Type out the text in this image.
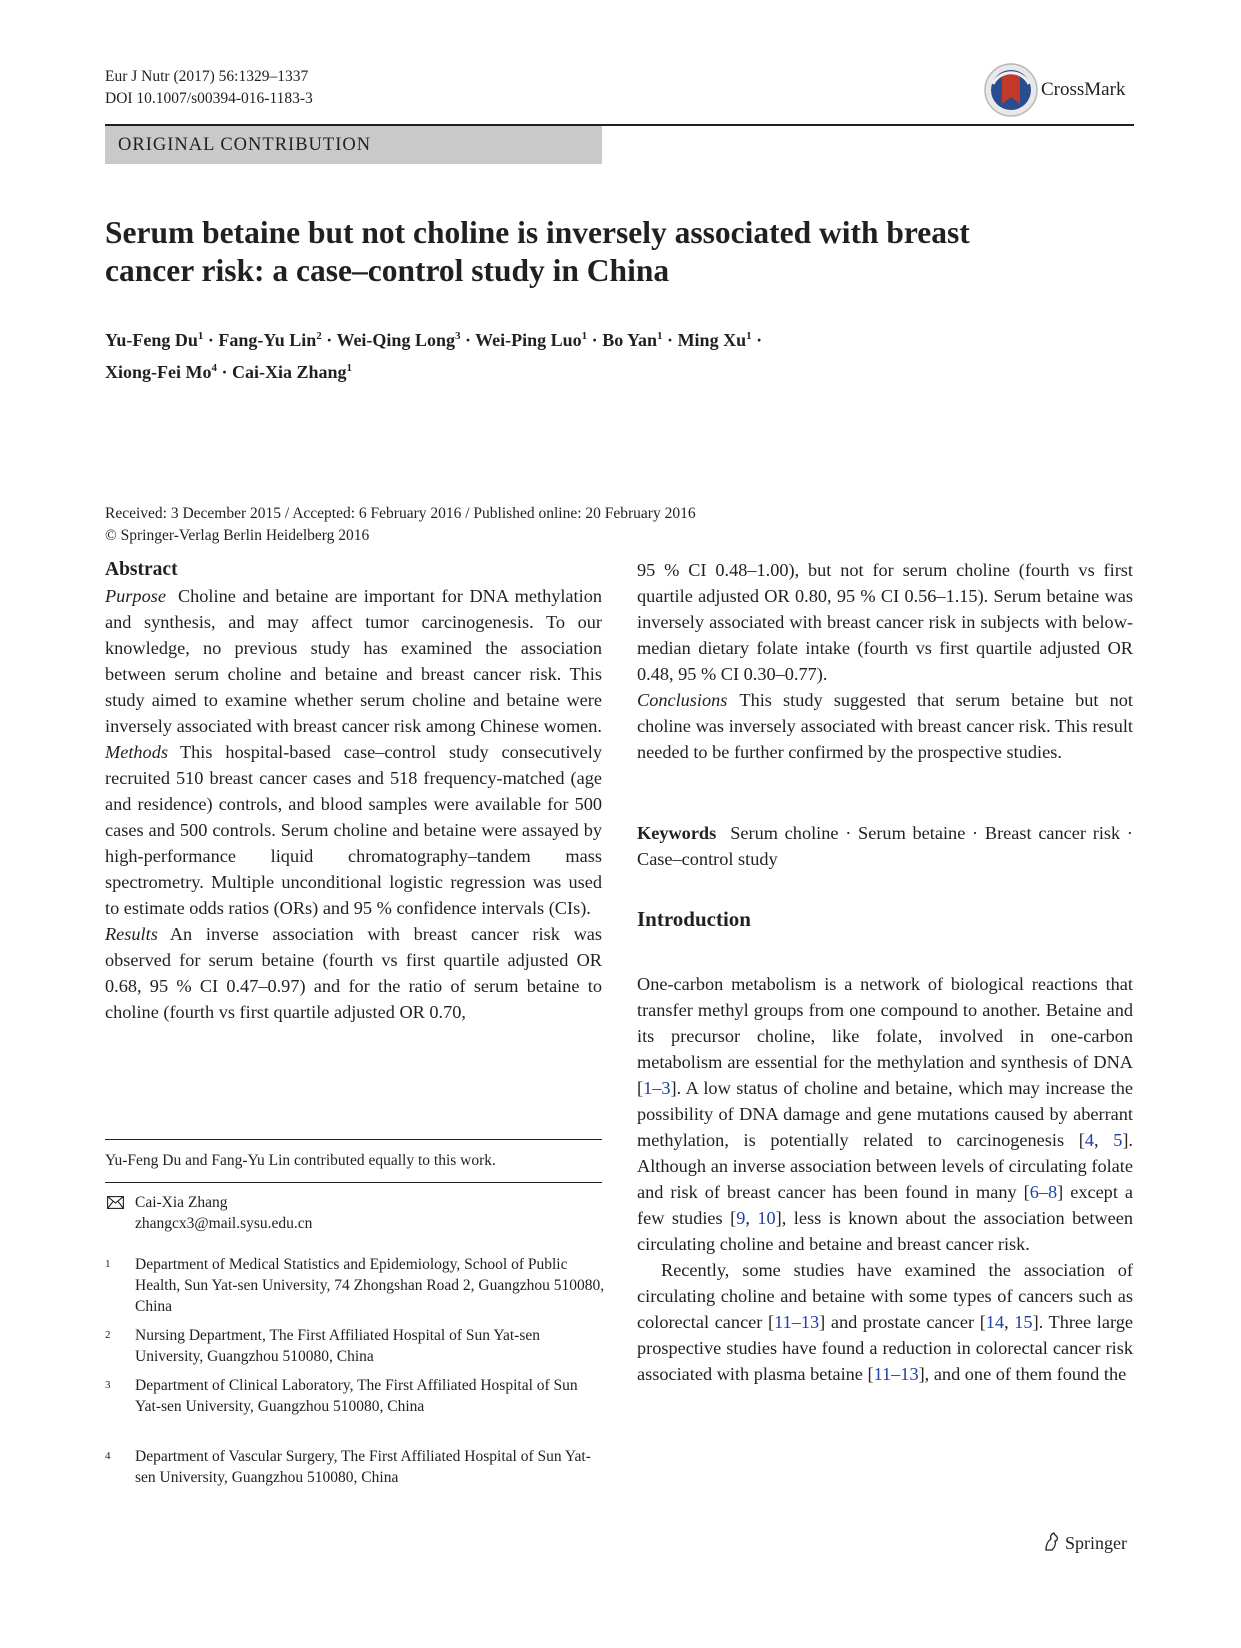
Eur J Nutr (2017) 56:1329–1337
DOI 10.1007/s00394-016-1183-3	CrossMark
ORIGINAL CONTRIBUTION
Serum betaine but not choline is inversely associated with breast
cancer risk: a case–control study in China
Yu-Feng $Du^1$ · Fang-Yu Lin$^2$ · Wei-Qing Long$^3$ · Wei-Ping Luo$^1$ · Bo Yan$^1$ · Ming $Xu^1$ ·
Xiong-Fei $Mo^4 \cdot Cai-Xia$ Zhang$^1$
Received: 3 December 2015 / Accepted: 6 February 2016 / Published online: 20 February 2016
© Springer-Verlag Berlin Heidelberg 2016

Abstract

Purpose Choline and betaine are important for DNA methylation and synthesis, and may affect tumor carcinogenesis. To our knowledge, no previous study has examined the association between serum choline and betaine and breast cancer risk. This study aimed to examine whether serum choline and betaine were inversely associated with breast cancer risk among Chinese women.

Methods This hospital-based case–control study consecutively recruited 510 breast cancer cases and 518 frequency-matched (age and residence) controls, and blood samples were available for 500 cases and 500 controls. Serum choline and betaine were assayed by high-performance liquid chromatography–tandem mass spectrometry. Multiple unconditional logistic regression was used to estimate odds ratios (ORs) and 95 % confidence intervals (CIs).

Results An inverse association with breast cancer risk was observed for serum betaine (fourth vs first quartile adjusted OR 0.68, 95 % CI 0.47–0.97) and for the ratio of serum betaine to choline (fourth vs first quartile adjusted OR 0.70,

Yu-Feng Du and Fang-Yu Lin contributed equally to this work.
Cai-Xia Zhang
zhangcx3@mail.sysu.edu.cn
1 Department of Medical Statistics and Epidemiology, School of Public Health, Sun Yat-sen University, 74 Zhongshan Road 2, Guangzhou 510080, China
2 Nursing Department, The First Affiliated Hospital of Sun Yat-sen University, Guangzhou 510080, China
3 Department of Clinical Laboratory, The First Affiliated Hospital of Sun Yat-sen University, Guangzhou 510080, China
4 Department of Vascular Surgery, The First Affiliated Hospital of Sun Yat-sen University, Guangzhou 510080, China

95 % CI 0.48–1.00), but not for serum choline (fourth vs first quartile adjusted OR 0.80, 95 % CI 0.56–1.15). Serum betaine was inversely associated with breast cancer risk in subjects with below-median dietary folate intake (fourth vs first quartile adjusted OR 0.48, 95 % CI 0.30–0.77).

Conclusions This study suggested that serum betaine but not choline was inversely associated with breast cancer risk. This result needed to be further confirmed by the prospective studies.

Keywords Serum choline · Serum betaine · Breast cancer risk · Case–control study

Introduction

One-carbon metabolism is a network of biological reactions that transfer methyl groups from one compound to another. Betaine and its precursor choline, like folate, involved in one-carbon metabolism are essential for the methylation and synthesis of DNA [1–3]. A low status of choline and betaine, which may increase the possibility of DNA damage and gene mutations caused by aberrant methylation, is potentially related to carcinogenesis [4, 5]. Although an inverse association between levels of circulating folate and risk of breast cancer has been found in many [6–8] except a few studies [9, 10], less is known about the association between circulating choline and betaine and breast cancer risk.

Recently, some studies have examined the association of circulating choline and betaine with some types of cancers such as colorectal cancer [11–13] and prostate cancer [14, 15]. Three large prospective studies have found a reduction in colorectal cancer risk associated with plasma betaine [11–13], and one of them found the

Springer
